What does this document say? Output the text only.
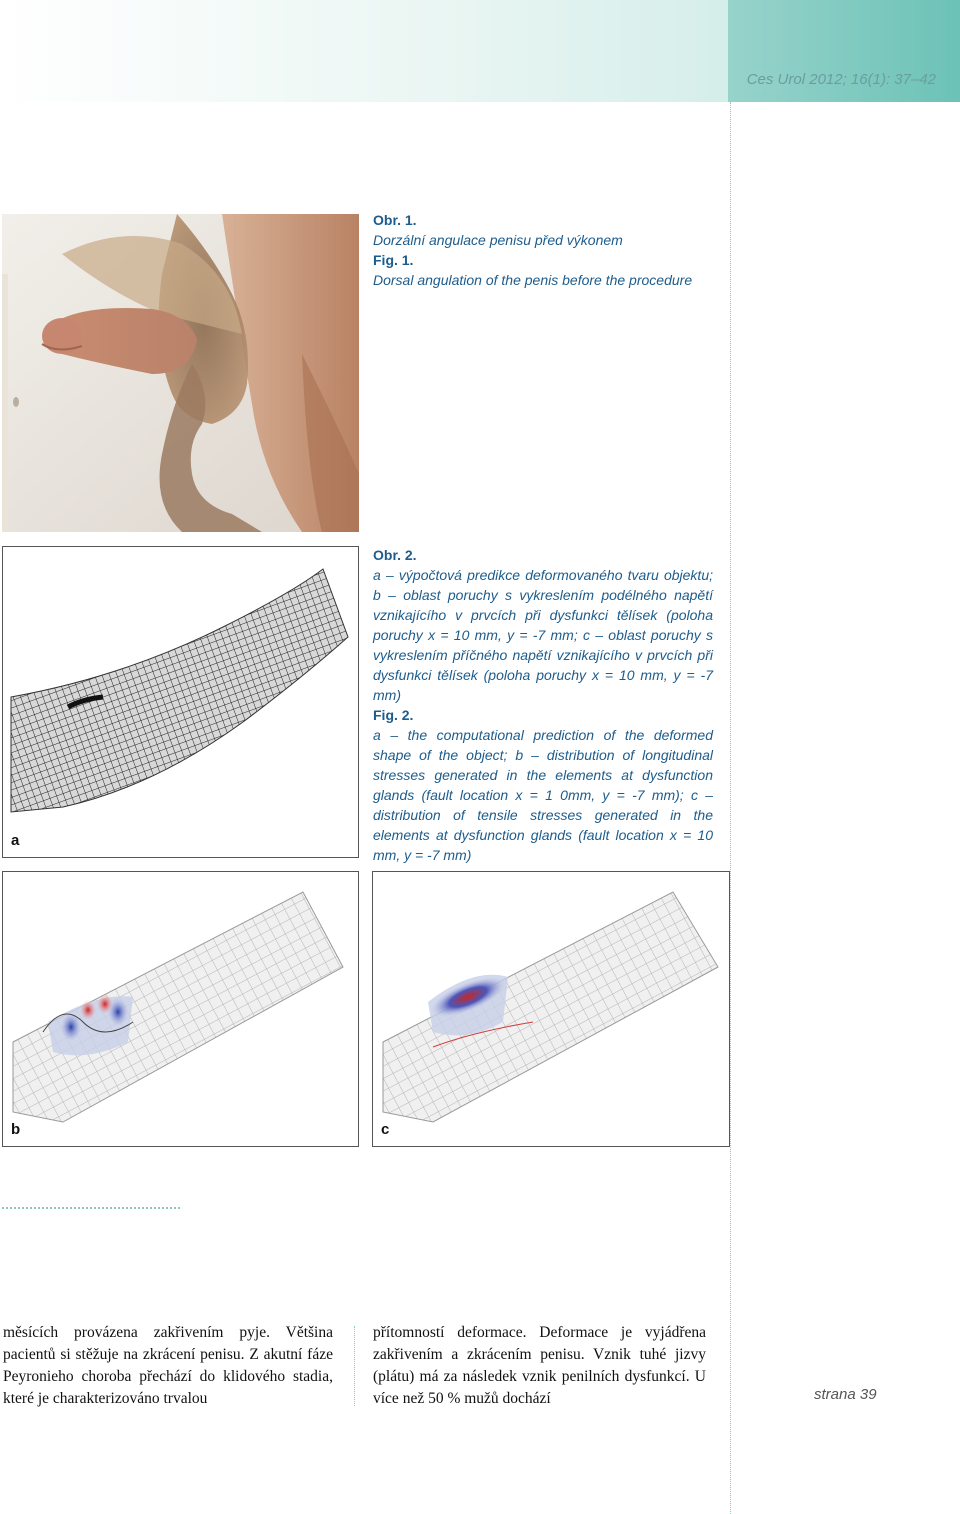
Ces Urol 2012; 16(1): 37–42
Obr. 1.

Dorzální angulace penisu před výkonem

Fig. 1.

Dorsal angulation of the penis before the procedure

a
Obr. 2.

a – výpočtová predikce deformovaného tvaru objektu; b – oblast poruchy s vykreslením podélného napětí vznikajícího v prvcích při dysfunkci tělísek (poloha poruchy x = 10 mm, y = -7 mm; c – oblast poruchy s vykreslením příčného napětí vznikajícího v prvcích při dysfunkci tělísek (poloha poruchy x = 10 mm, y = -7 mm)

Fig. 2.

a – the computational prediction of the deformed shape of the object; b – distribution of longitudinal stresses generated in the elements at dysfunction glands (fault location x = 1 0mm, y = -7 mm); c – distribution of tensile stresses generated in the elements at dysfunction glands (fault location x = 10 mm, y = -7 mm)

b	c
měsících provázena zakřivením pyje. Většina pacientů si stěžuje na zkrácení penisu. Z akutní fáze Peyronieho choroba přechází do klidového stadia, které je charakterizováno trvalou
přítomností deformace. Deformace je vyjádřena zakřivením a zkrácením penisu. Vznik tuhé jizvy (plátu) má za následek vznik penilních dysfunkcí. U více než 50 % mužů dochází	strana 39
